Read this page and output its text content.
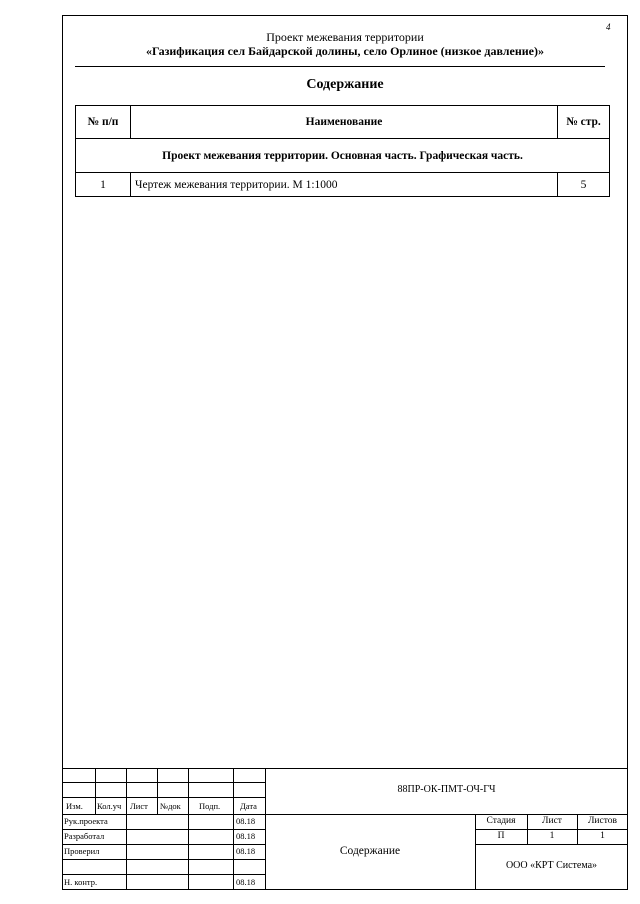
4
Проект межевания территории
«Газификация сел Байдарской долины, село Орлиное (низкое давление)»
Содержание
№ п/п	Наименование	№ стр.
Проект межевания территории. Основная часть. Графическая часть.		
1	Чертеж межевания территории. М 1:1000	5
Изм. Кол.уч Лист №док Подп. Дата
Рук.проекта	08.18
Разработал	08.18
Проверил	08.18
Н. контр.	08.18
88ПР-ОК-ПМТ-ОЧ-ГЧ
Содержание
Стадия	Лист	Листов
П	1	1
ООО «КРТ Система»
